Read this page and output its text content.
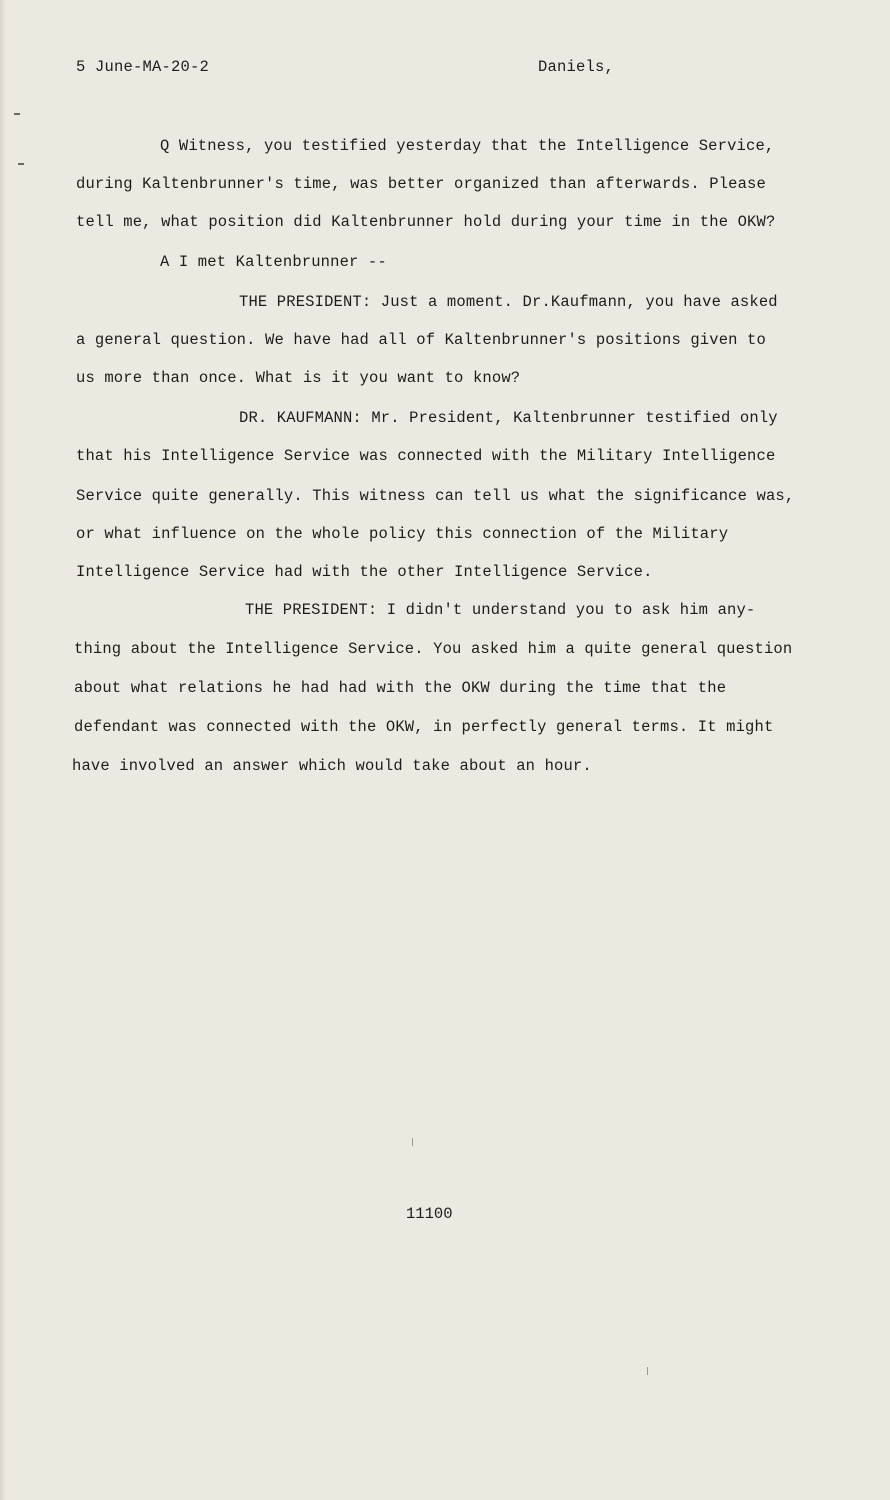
5 June-MA-20-2	Daniels,
Q Witness, you testified yesterday that the Intelligence Service,
during Kaltenbrunner's time, was better organized than afterwards. Please
tell me, what position did Kaltenbrunner hold during your time in the OKW?
A I met Kaltenbrunner --
THE PRESIDENT: Just a moment. Dr.Kaufmann, you have asked
a general question. We have had all of Kaltenbrunner's positions given to
us more than once. What is it you want to know?
DR. KAUFMANN: Mr. President, Kaltenbrunner testified only
that his Intelligence Service was connected with the Military Intelligence
Service quite generally. This witness can tell us what the significance was,
or what influence on the whole policy this connection of the Military
Intelligence Service had with the other Intelligence Service.
THE PRESIDENT: I didn't understand you to ask him any-
thing about the Intelligence Service. You asked him a quite general question
about what relations he had had with the OKW during the time that the
defendant was connected with the OKW, in perfectly general terms. It might
have involved an answer which would take about an hour.
11100
